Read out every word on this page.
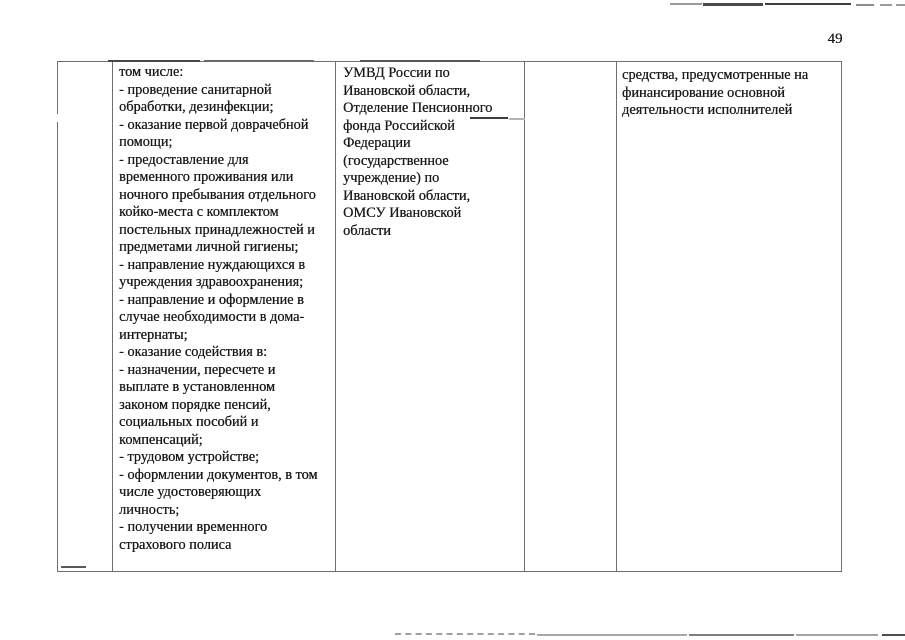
49
том числе:
- проведение санитарной
обработки, дезинфекции;
- оказание первой доврачебной
помощи;
- предоставление для
временного проживания или
ночного пребывания отдельного
койко-места с комплектом
постельных принадлежностей и
предметами личной гигиены;
- направление нуждающихся в
учреждения здравоохранения;
- направление и оформление в
случае необходимости в дома-
интернаты;
- оказание содействия в:
- назначении, пересчете и
выплате в установленном
законом порядке пенсий,
социальных пособий и
компенсаций;
- трудовом устройстве;
- оформлении документов, в том
числе удостоверяющих
личность;
- получении временного
страхового полиса
УМВД России по
Ивановской области,
Отделение Пенсионного
фонда Российской
Федерации
(государственное
учреждение) по
Ивановской области,
ОМСУ Ивановской
области
средства, предусмотренные на
финансирование основной
деятельности исполнителей
